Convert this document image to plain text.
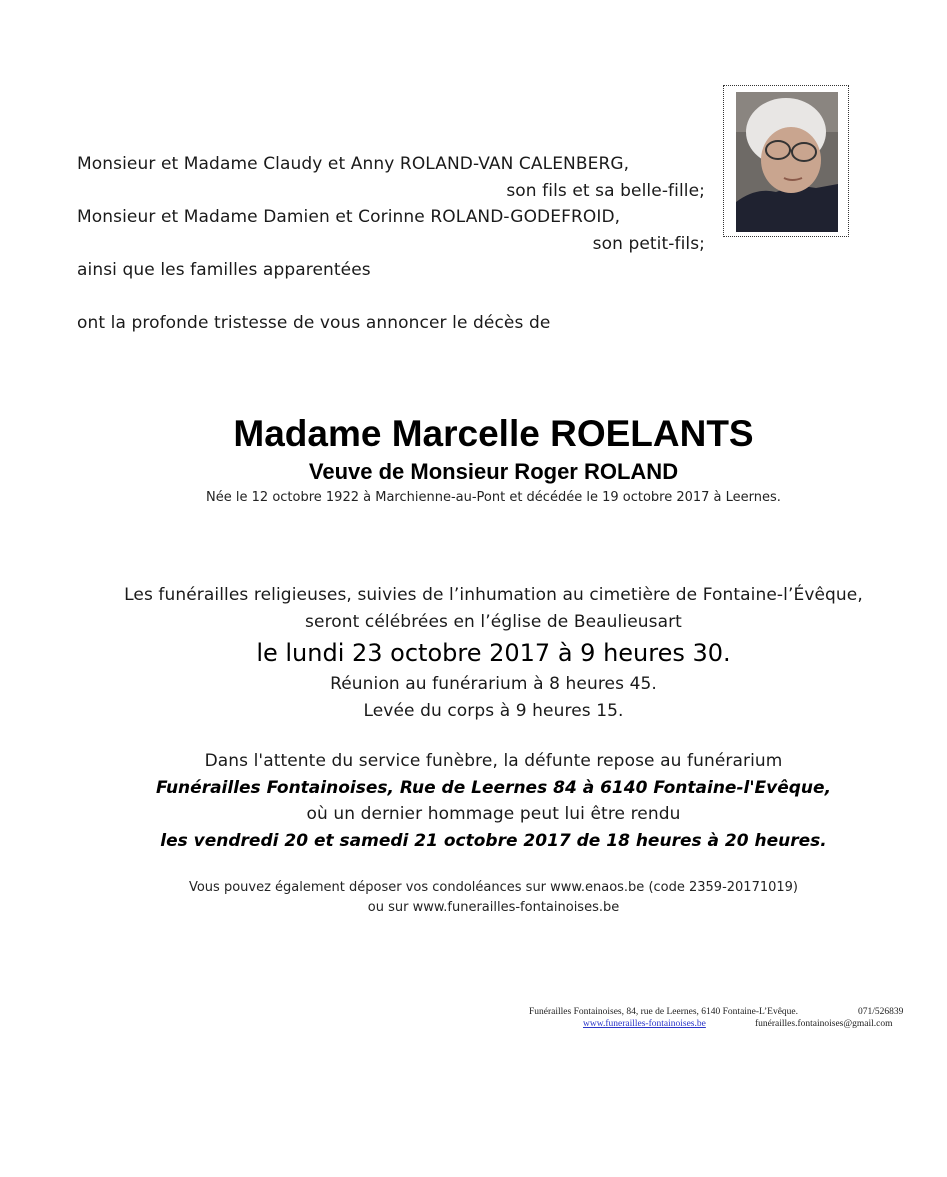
Monsieur et Madame Claudy et Anny ROLAND-VAN CALENBERG,
son fils et sa belle-fille;
Monsieur et Madame Damien et Corinne ROLAND-GODEFROID,
son petit-fils;
ainsi que les familles apparentées
ont la profonde tristesse de vous annoncer le décès de
Madame Marcelle ROELANTS
Veuve de Monsieur Roger ROLAND
Née le 12 octobre 1922 à Marchienne-au-Pont et décédée le 19 octobre 2017 à Leernes.
Les funérailles religieuses, suivies de l’inhumation au cimetière de Fontaine-l’Évêque,
seront célébrées en l’église de Beaulieusart
le lundi 23 octobre 2017 à 9 heures 30.
Réunion au funérarium à 8 heures 45.
Levée du corps à 9 heures 15.
Dans l'attente du service funèbre, la défunte repose au funérarium
Funérailles Fontainoises, Rue de Leernes 84 à 6140 Fontaine-l'Evêque,
où un dernier hommage peut lui être rendu
les vendredi 20 et samedi 21 octobre 2017 de 18 heures à 20 heures.
Vous pouvez également déposer vos condoléances sur www.enaos.be (code 2359-20171019)
ou sur www.funerailles-fontainoises.be
Funérailles Fontainoises, 84, rue de Leernes, 6140 Fontaine-L’Evêque.	071/526839
www.funerailles-fontainoises.be	funérailles.fontainoises@gmail.com
